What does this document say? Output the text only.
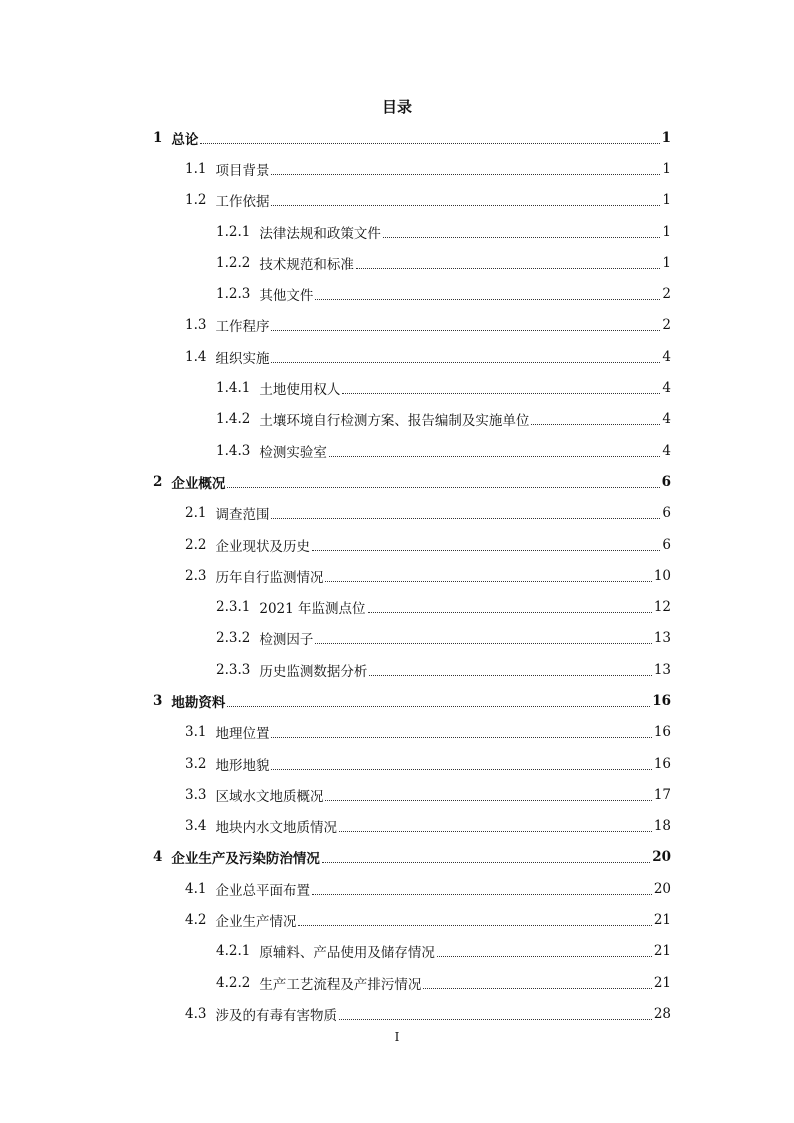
目录
1 总论	1
1.1 项目背景	1
1.2 工作依据	1
1.2.1 法律法规和政策文件	1
1.2.2 技术规范和标准	1
1.2.3 其他文件	2
1.3 工作程序	2
1.4 组织实施	4
1.4.1 土地使用权人	4
1.4.2 土壤环境自行检测方案、报告编制及实施单位	4
1.4.3 检测实验室	4
2 企业概况	6
2.1 调查范围	6
2.2 企业现状及历史	6
2.3 历年自行监测情况	10
2.3.1 2021 年监测点位	12
2.3.2 检测因子	13
2.3.3 历史监测数据分析	13
3 地勘资料	16
3.1 地理位置	16
3.2 地形地貌	16
3.3 区域水文地质概况	17
3.4 地块内水文地质情况	18
4 企业生产及污染防治情况	20
4.1 企业总平面布置	20
4.2 企业生产情况	21
4.2.1 原辅料、产品使用及储存情况	21
4.2.2 生产工艺流程及产排污情况	21
4.3 涉及的有毒有害物质	28
I
